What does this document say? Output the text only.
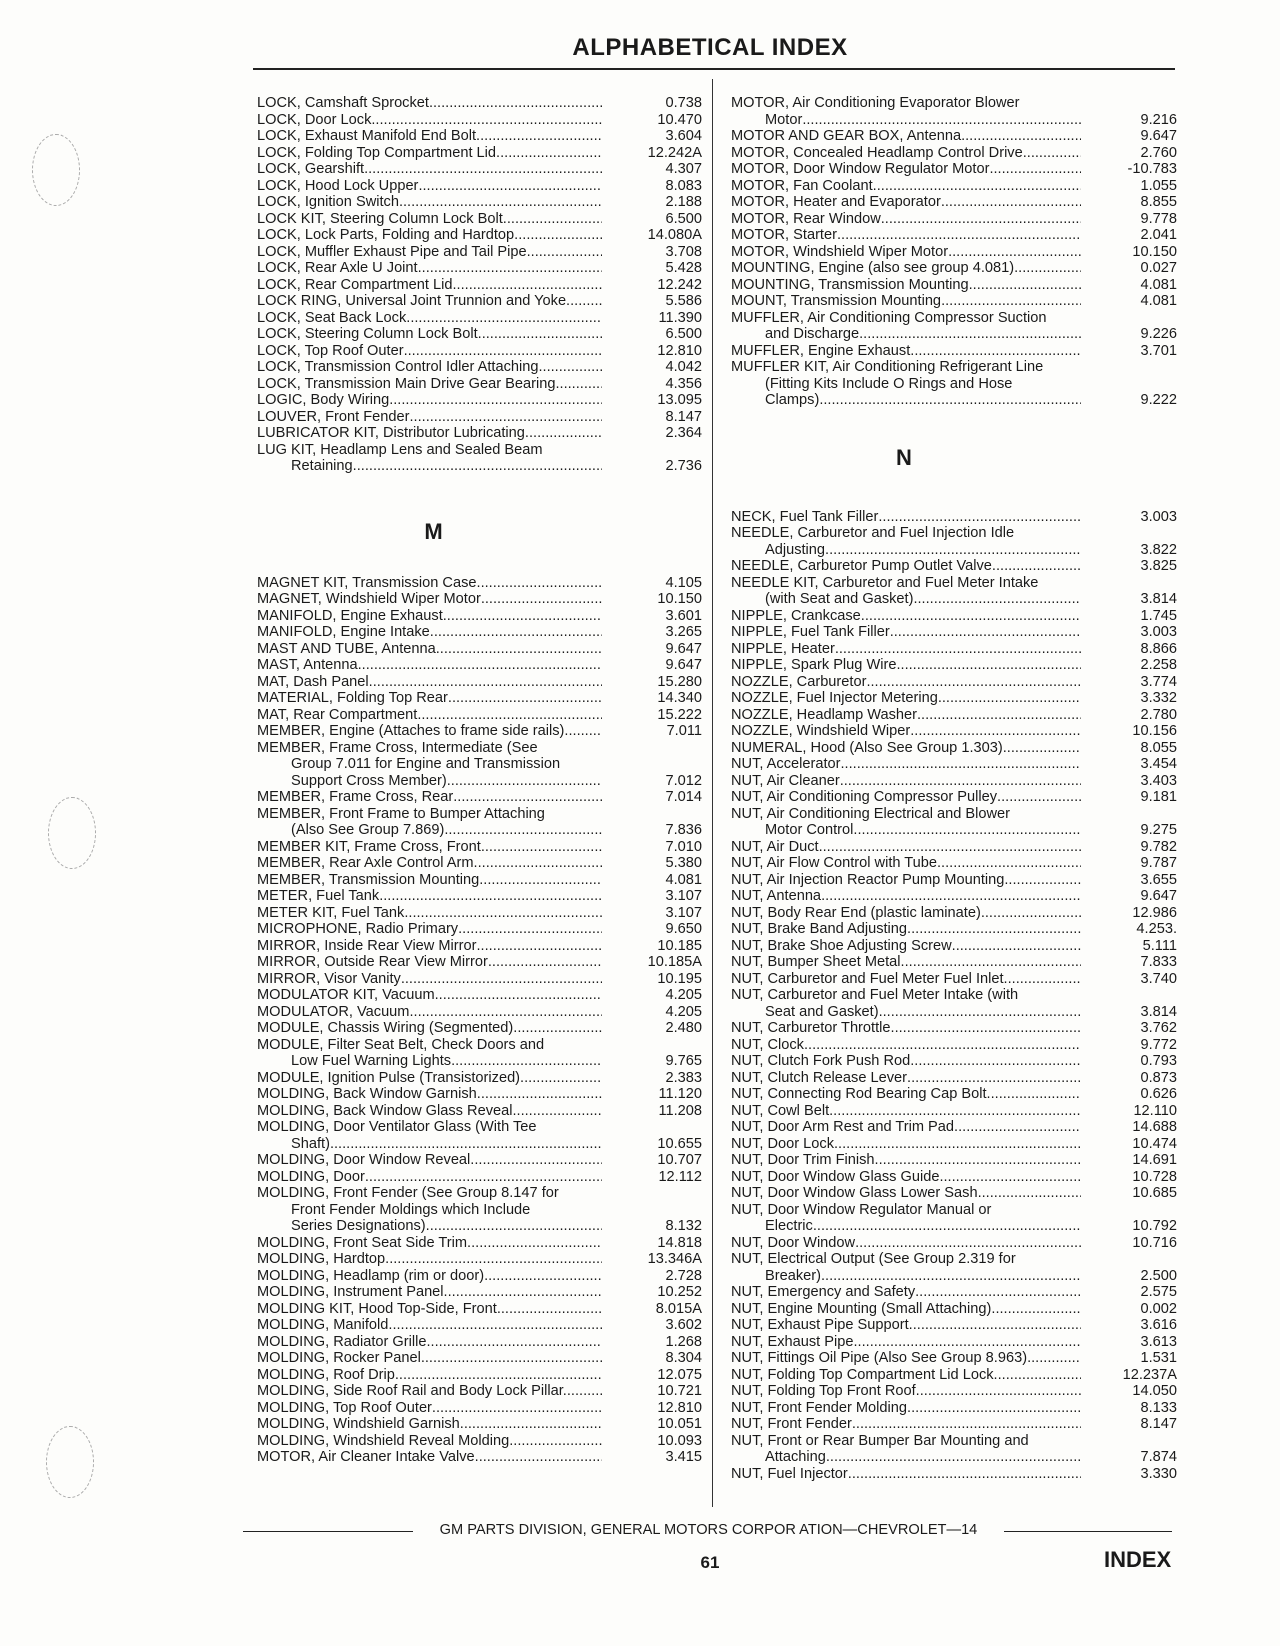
ALPHABETICAL INDEX
LOCK, Camshaft Sprocket .....	0.738
LOCK, Door Lock .....	10.470
LOCK, Exhaust Manifold End Bolt .....	3.604
LOCK, Folding Top Compartment Lid .....	12.242A
LOCK, Gearshift .....	4.307
LOCK, Hood Lock Upper .....	8.083
LOCK, Ignition Switch .....	2.188
LOCK KIT, Steering Column Lock Bolt .....	6.500
LOCK, Lock Parts, Folding and Hardtop .....	14.080A
LOCK, Muffler Exhaust Pipe and Tail Pipe .....	3.708
LOCK, Rear Axle U Joint .....	5.428
LOCK, Rear Compartment Lid .....	12.242
LOCK RING, Universal Joint Trunnion and Yoke. .....	5.586
LOCK, Seat Back Lock .....	11.390
LOCK, Steering Column Lock Bolt .....	6.500
LOCK, Top Roof Outer .....	12.810
LOCK, Transmission Control Idler Attaching .....	4.042
LOCK, Transmission Main Drive Gear Bearing .....	4.356
LOGIC, Body Wiring .....	13.095
LOUVER, Front Fender .....	8.147
LUBRICATOR KIT, Distributor Lubricating .....	2.364
LUG KIT, Headlamp Lens and Sealed Beam
Retaining .....	2.736
M
MAGNET KIT, Transmission Case .....	4.105
MAGNET, Windshield Wiper Motor .....	10.150
MANIFOLD, Engine Exhaust .....	3.601
MANIFOLD, Engine Intake .....	3.265
MAST AND TUBE, Antenna .....	9.647
MAST, Antenna .....	9.647
MAT, Dash Panel .....	15.280
MATERIAL, Folding Top Rear .....	14.340
MAT, Rear Compartment .....	15.222
MEMBER, Engine (Attaches to frame side rails)... .....	7.011
MEMBER, Frame Cross, Intermediate (See
Group 7.011 for Engine and Transmission
Support Cross Member) .....	7.012
MEMBER, Frame Cross, Rear .....	7.014
MEMBER, Front Frame to Bumper Attaching
(Also See Group 7.869) .....	7.836
MEMBER KIT, Frame Cross, Front .....	7.010
MEMBER, Rear Axle Control Arm .....	5.380
MEMBER, Transmission Mounting .....	4.081
METER, Fuel Tank .....	3.107
METER KIT, Fuel Tank .....	3.107
MICROPHONE, Radio Primary .....	9.650
MIRROR, Inside Rear View Mirror .....	10.185
MIRROR, Outside Rear View Mirror .....	10.185A
MIRROR, Visor Vanity .....	10.195
MODULATOR KIT, Vacuum .....	4.205
MODULATOR, Vacuum .....	4.205
MODULE, Chassis Wiring (Segmented) .....	2.480
MODULE, Filter Seat Belt, Check Doors and
Low Fuel Warning Lights .....	9.765
MODULE, Ignition Pulse (Transistorized) .....	2.383
MOLDING, Back Window Garnish .....	11.120
MOLDING, Back Window Glass Reveal .....	11.208
MOLDING, Door Ventilator Glass (With Tee
Shaft) .....	10.655
MOLDING, Door Window Reveal .....	10.707
MOLDING, Door .....	12.112
MOLDING, Front Fender (See Group 8.147 for
Front Fender Moldings which Include
Series Designations) .....	8.132
MOLDING, Front Seat Side Trim .....	14.818
MOLDING, Hardtop .....	13.346A
MOLDING, Headlamp (rim or door) .....	2.728
MOLDING, Instrument Panel .....	10.252
MOLDING KIT, Hood Top-Side, Front .....	8.015A
MOLDING, Manifold .....	3.602
MOLDING, Radiator Grille .....	1.268
MOLDING, Rocker Panel .....	8.304
MOLDING, Roof Drip .....	12.075
MOLDING, Side Roof Rail and Body Lock Pillar.. .....	10.721
MOLDING, Top Roof Outer .....	12.810
MOLDING, Windshield Garnish .....	10.051
MOLDING, Windshield Reveal Molding .....	10.093
MOTOR, Air Cleaner Intake Valve .....	3.415
MOTOR, Air Conditioning Evaporator Blower
Motor .....	9.216
MOTOR AND GEAR BOX, Antenna .....	9.647
MOTOR, Concealed Headlamp Control Drive .....	2.760
MOTOR, Door Window Regulator Motor .....	-10.783
MOTOR, Fan Coolant .....	1.055
MOTOR, Heater and Evaporator .....	8.855
MOTOR, Rear Window .....	9.778
MOTOR, Starter .....	2.041
MOTOR, Windshield Wiper Motor .....	10.150
MOUNTING, Engine (also see group 4.081) .....	0.027
MOUNTING, Transmission Mounting .....	4.081
MOUNT, Transmission Mounting .....	4.081
MUFFLER, Air Conditioning Compressor Suction
and Discharge .....	9.226
MUFFLER, Engine Exhaust .....	3.701
MUFFLER KIT, Air Conditioning Refrigerant Line
(Fitting Kits Include O Rings and Hose
Clamps) .....	9.222
N
NECK, Fuel Tank Filler .....	3.003
NEEDLE, Carburetor and Fuel Injection Idle
Adjusting .....	3.822
NEEDLE, Carburetor Pump Outlet Valve .....	3.825
NEEDLE KIT, Carburetor and Fuel Meter Intake
(with Seat and Gasket) .....	3.814
NIPPLE, Crankcase .....	1.745
NIPPLE, Fuel Tank Filler .....	3.003
NIPPLE, Heater .....	8.866
NIPPLE, Spark Plug Wire .....	2.258
NOZZLE, Carburetor .....	3.774
NOZZLE, Fuel Injector Metering .....	3.332
NOZZLE, Headlamp Washer .....	2.780
NOZZLE, Windshield Wiper .....	10.156
NUMERAL, Hood (Also See Group 1.303) .....	8.055
NUT, Accelerator .....	3.454
NUT, Air Cleaner .....	3.403
NUT, Air Conditioning Compressor Pulley .....	9.181
NUT, Air Conditioning Electrical and Blower
Motor Control .....	9.275
NUT, Air Duct .....	9.782
NUT, Air Flow Control with Tube .....	9.787
NUT, Air Injection Reactor Pump Mounting .....	3.655
NUT, Antenna .....	9.647
NUT, Body Rear End (plastic laminate) .....	12.986
NUT, Brake Band Adjusting .....	4.253.
NUT, Brake Shoe Adjusting Screw .....	5.111
NUT, Bumper Sheet Metal .....	7.833
NUT, Carburetor and Fuel Meter Fuel Inlet .....	3.740
NUT, Carburetor and Fuel Meter Intake (with
Seat and Gasket) .....	3.814
NUT, Carburetor Throttle .....	3.762
NUT, Clock .....	9.772
NUT, Clutch Fork Push Rod .....	0.793
NUT, Clutch Release Lever .....	0.873
NUT, Connecting Rod Bearing Cap Bolt .....	0.626
NUT, Cowl Belt .....	12.110
NUT, Door Arm Rest and Trim Pad .....	14.688
NUT, Door Lock .....	10.474
NUT, Door Trim Finish .....	14.691
NUT, Door Window Glass Guide .....	10.728
NUT, Door Window Glass Lower Sash .....	10.685
NUT, Door Window Regulator Manual or
Electric .....	10.792
NUT, Door Window .....	10.716
NUT, Electrical Output (See Group 2.319 for
Breaker) .....	2.500
NUT, Emergency and Safety .....	2.575
NUT, Engine Mounting (Small Attaching) .....	0.002
NUT, Exhaust Pipe Support .....	3.616
NUT, Exhaust Pipe .....	3.613
NUT, Fittings Oil Pipe (Also See Group 8.963) .....	1.531
NUT, Folding Top Compartment Lid Lock .....	12.237A
NUT, Folding Top Front Roof .....	14.050
NUT, Front Fender Molding .....	8.133
NUT, Front Fender .....	8.147
NUT, Front or Rear Bumper Bar Mounting and
Attaching .....	7.874
NUT, Fuel Injector .....	3.330
GM PARTS DIVISION, GENERAL MOTORS CORPOR ATION—CHEVROLET—14
61	INDEX
